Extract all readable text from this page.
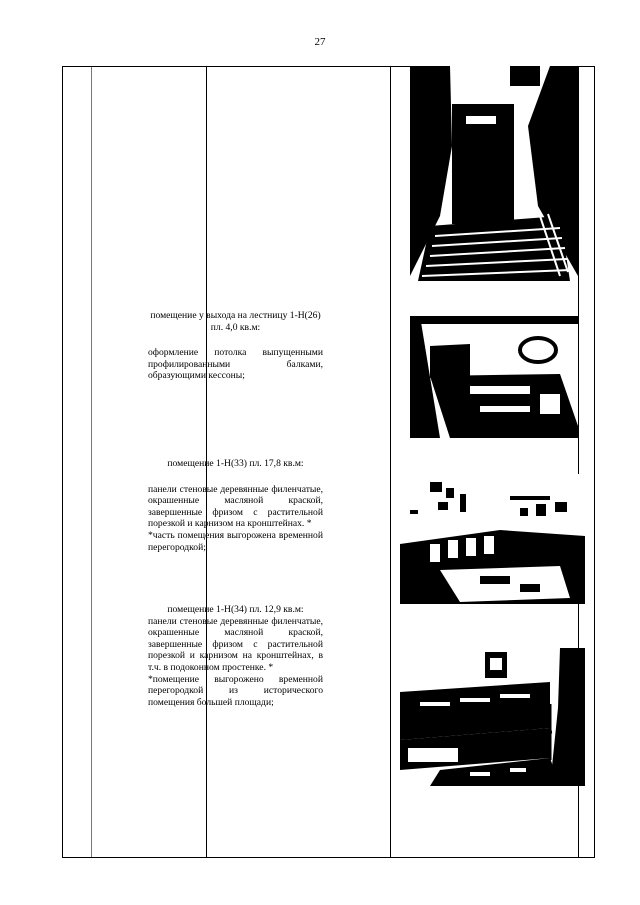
27
помещение у выхода на лестницу 1-Н(26) пл. 4,0 кв.м:
оформление потолка выпущенными профилированными балками, образующими кессоны;
помещение 1-Н(33) пл. 17,8 кв.м:
панели стеновые деревянные филенчатые, окрашенные масляной краской, завершенные фризом с растительной порезкой и карнизом на кронштейнах. *
*часть помещения выгорожена временной перегородкой;
помещение 1-Н(34) пл. 12,9 кв.м:
панели стеновые деревянные филенчатые, окрашенные масляной краской, завершенные фризом с растительной порезкой и карнизом на кронштейнах, в т.ч. в подоконном простенке. *
*помещение выгорожено временной перегородкой из исторического помещения большей площади;
